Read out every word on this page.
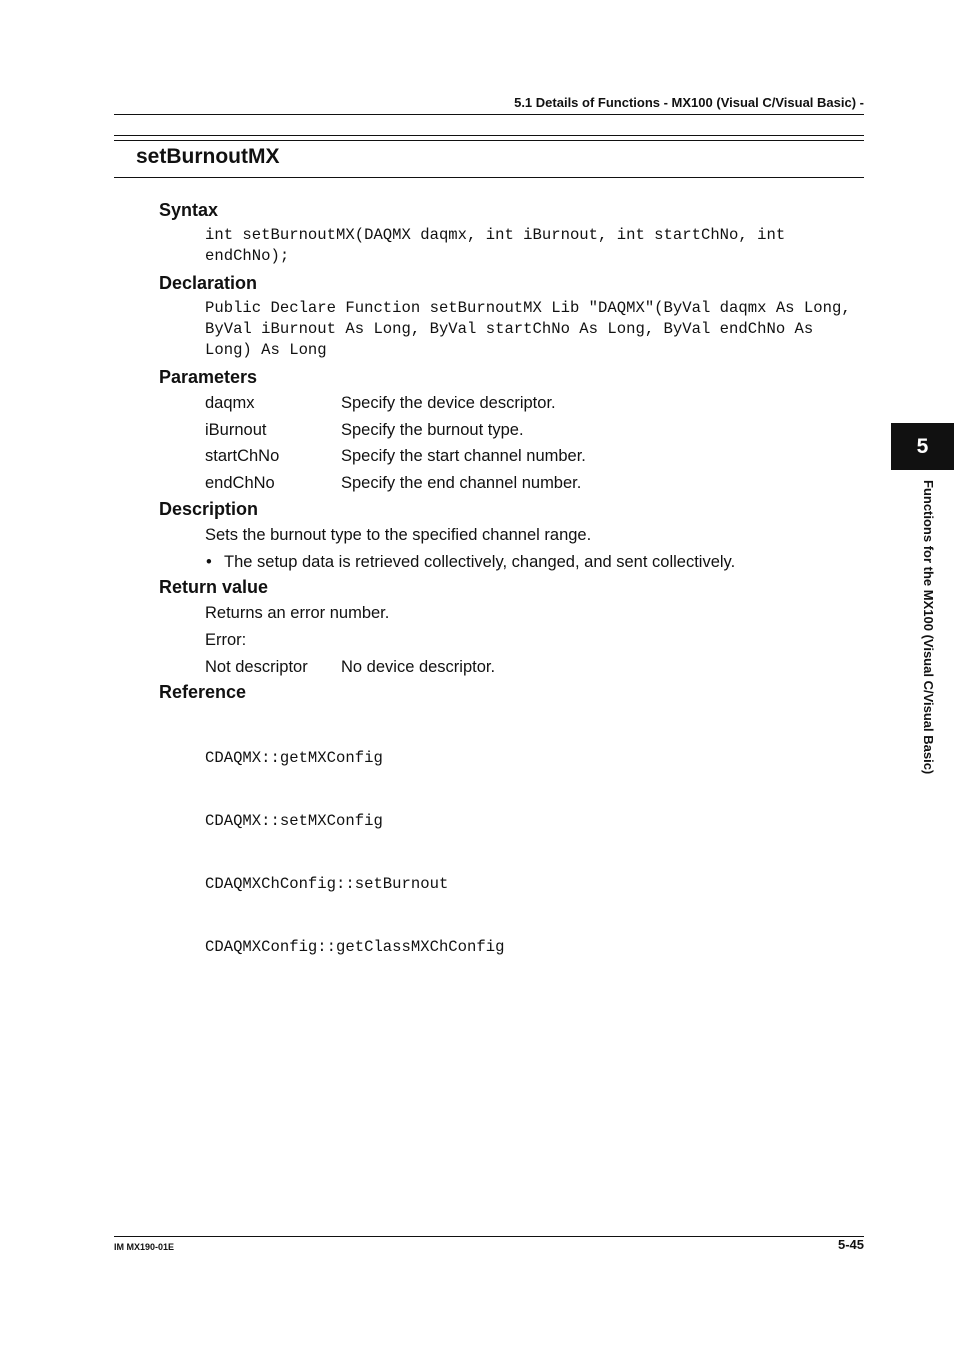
5.1 Details of Functions - MX100 (Visual C/Visual Basic) -
setBurnoutMX
Syntax

int setBurnoutMX(DAQMX daqmx, int iBurnout, int startChNo, int endChNo);

Declaration

Public Declare Function setBurnoutMX Lib "DAQMX"(ByVal daqmx As Long, ByVal iBurnout As Long, ByVal startChNo As Long, ByVal endChNo As Long) As Long

Parameters
daqmx	Specify the device descriptor.
iBurnout	Specify the burnout type.
startChNo	Specify the start channel number.
endChNo	Specify the end channel number.
Description

Sets the burnout type to the specified channel range.

• The setup data is retrieved collectively, changed, and sent collectively.
Return value

Returns an error number.

Error:

Not descriptor	No device descriptor.
Reference

CDAQMX::getMXConfig

CDAQMX::setMXConfig

CDAQMXChConfig::setBurnout

CDAQMXConfig::getClassMXChConfig

5
Functions for the MX100 (Visual C/Visual Basic)
IM MX190-01E	5-45
